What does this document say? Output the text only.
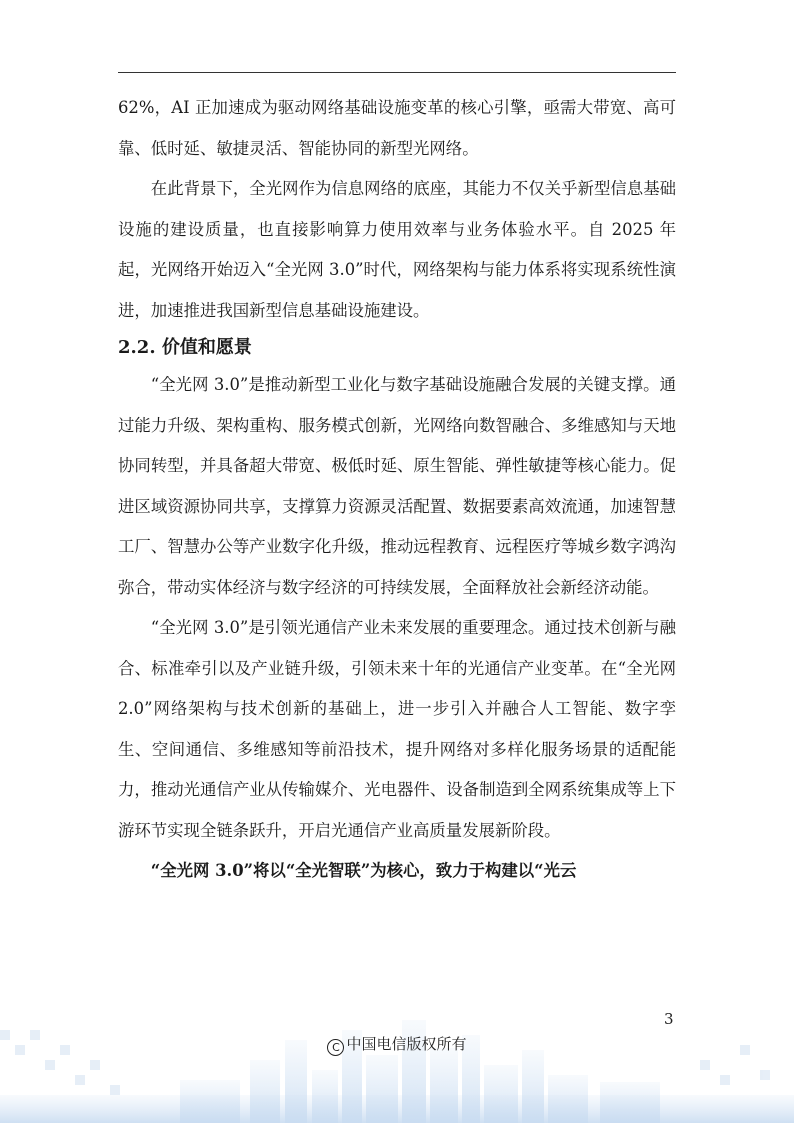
62%，AI 正加速成为驱动网络基础设施变革的核心引擎，亟需大带宽、高可靠、低时延、敏捷灵活、智能协同的新型光网络。

在此背景下，全光网作为信息网络的底座，其能力不仅关乎新型信息基础设施的建设质量，也直接影响算力使用效率与业务体验水平。自 2025 年起，光网络开始迈入“全光网 3.0”时代，网络架构与能力体系将实现系统性演进，加速推进我国新型信息基础设施建设。

2.2. 价值和愿景

“全光网 3.0”是推动新型工业化与数字基础设施融合发展的关键支撑。通过能力升级、架构重构、服务模式创新，光网络向数智融合、多维感知与天地协同转型，并具备超大带宽、极低时延、原生智能、弹性敏捷等核心能力。促进区域资源协同共享，支撑算力资源灵活配置、数据要素高效流通，加速智慧工厂、智慧办公等产业数字化升级，推动远程教育、远程医疗等城乡数字鸿沟弥合，带动实体经济与数字经济的可持续发展，全面释放社会新经济动能。

“全光网 3.0”是引领光通信产业未来发展的重要理念。通过技术创新与融合、标准牵引以及产业链升级，引领未来十年的光通信产业变革。在“全光网 2.0”网络架构与技术创新的基础上，进一步引入并融合人工智能、数字孪生、空间通信、多维感知等前沿技术，提升网络对多样化服务场景的适配能力，推动光通信产业从传输媒介、光电器件、设备制造到全网系统集成等上下游环节实现全链条跃升，开启光通信产业高质量发展新阶段。

“全光网 3.0”将以“全光智联”为核心，致力于构建以“光云

3
C 中国电信版权所有
